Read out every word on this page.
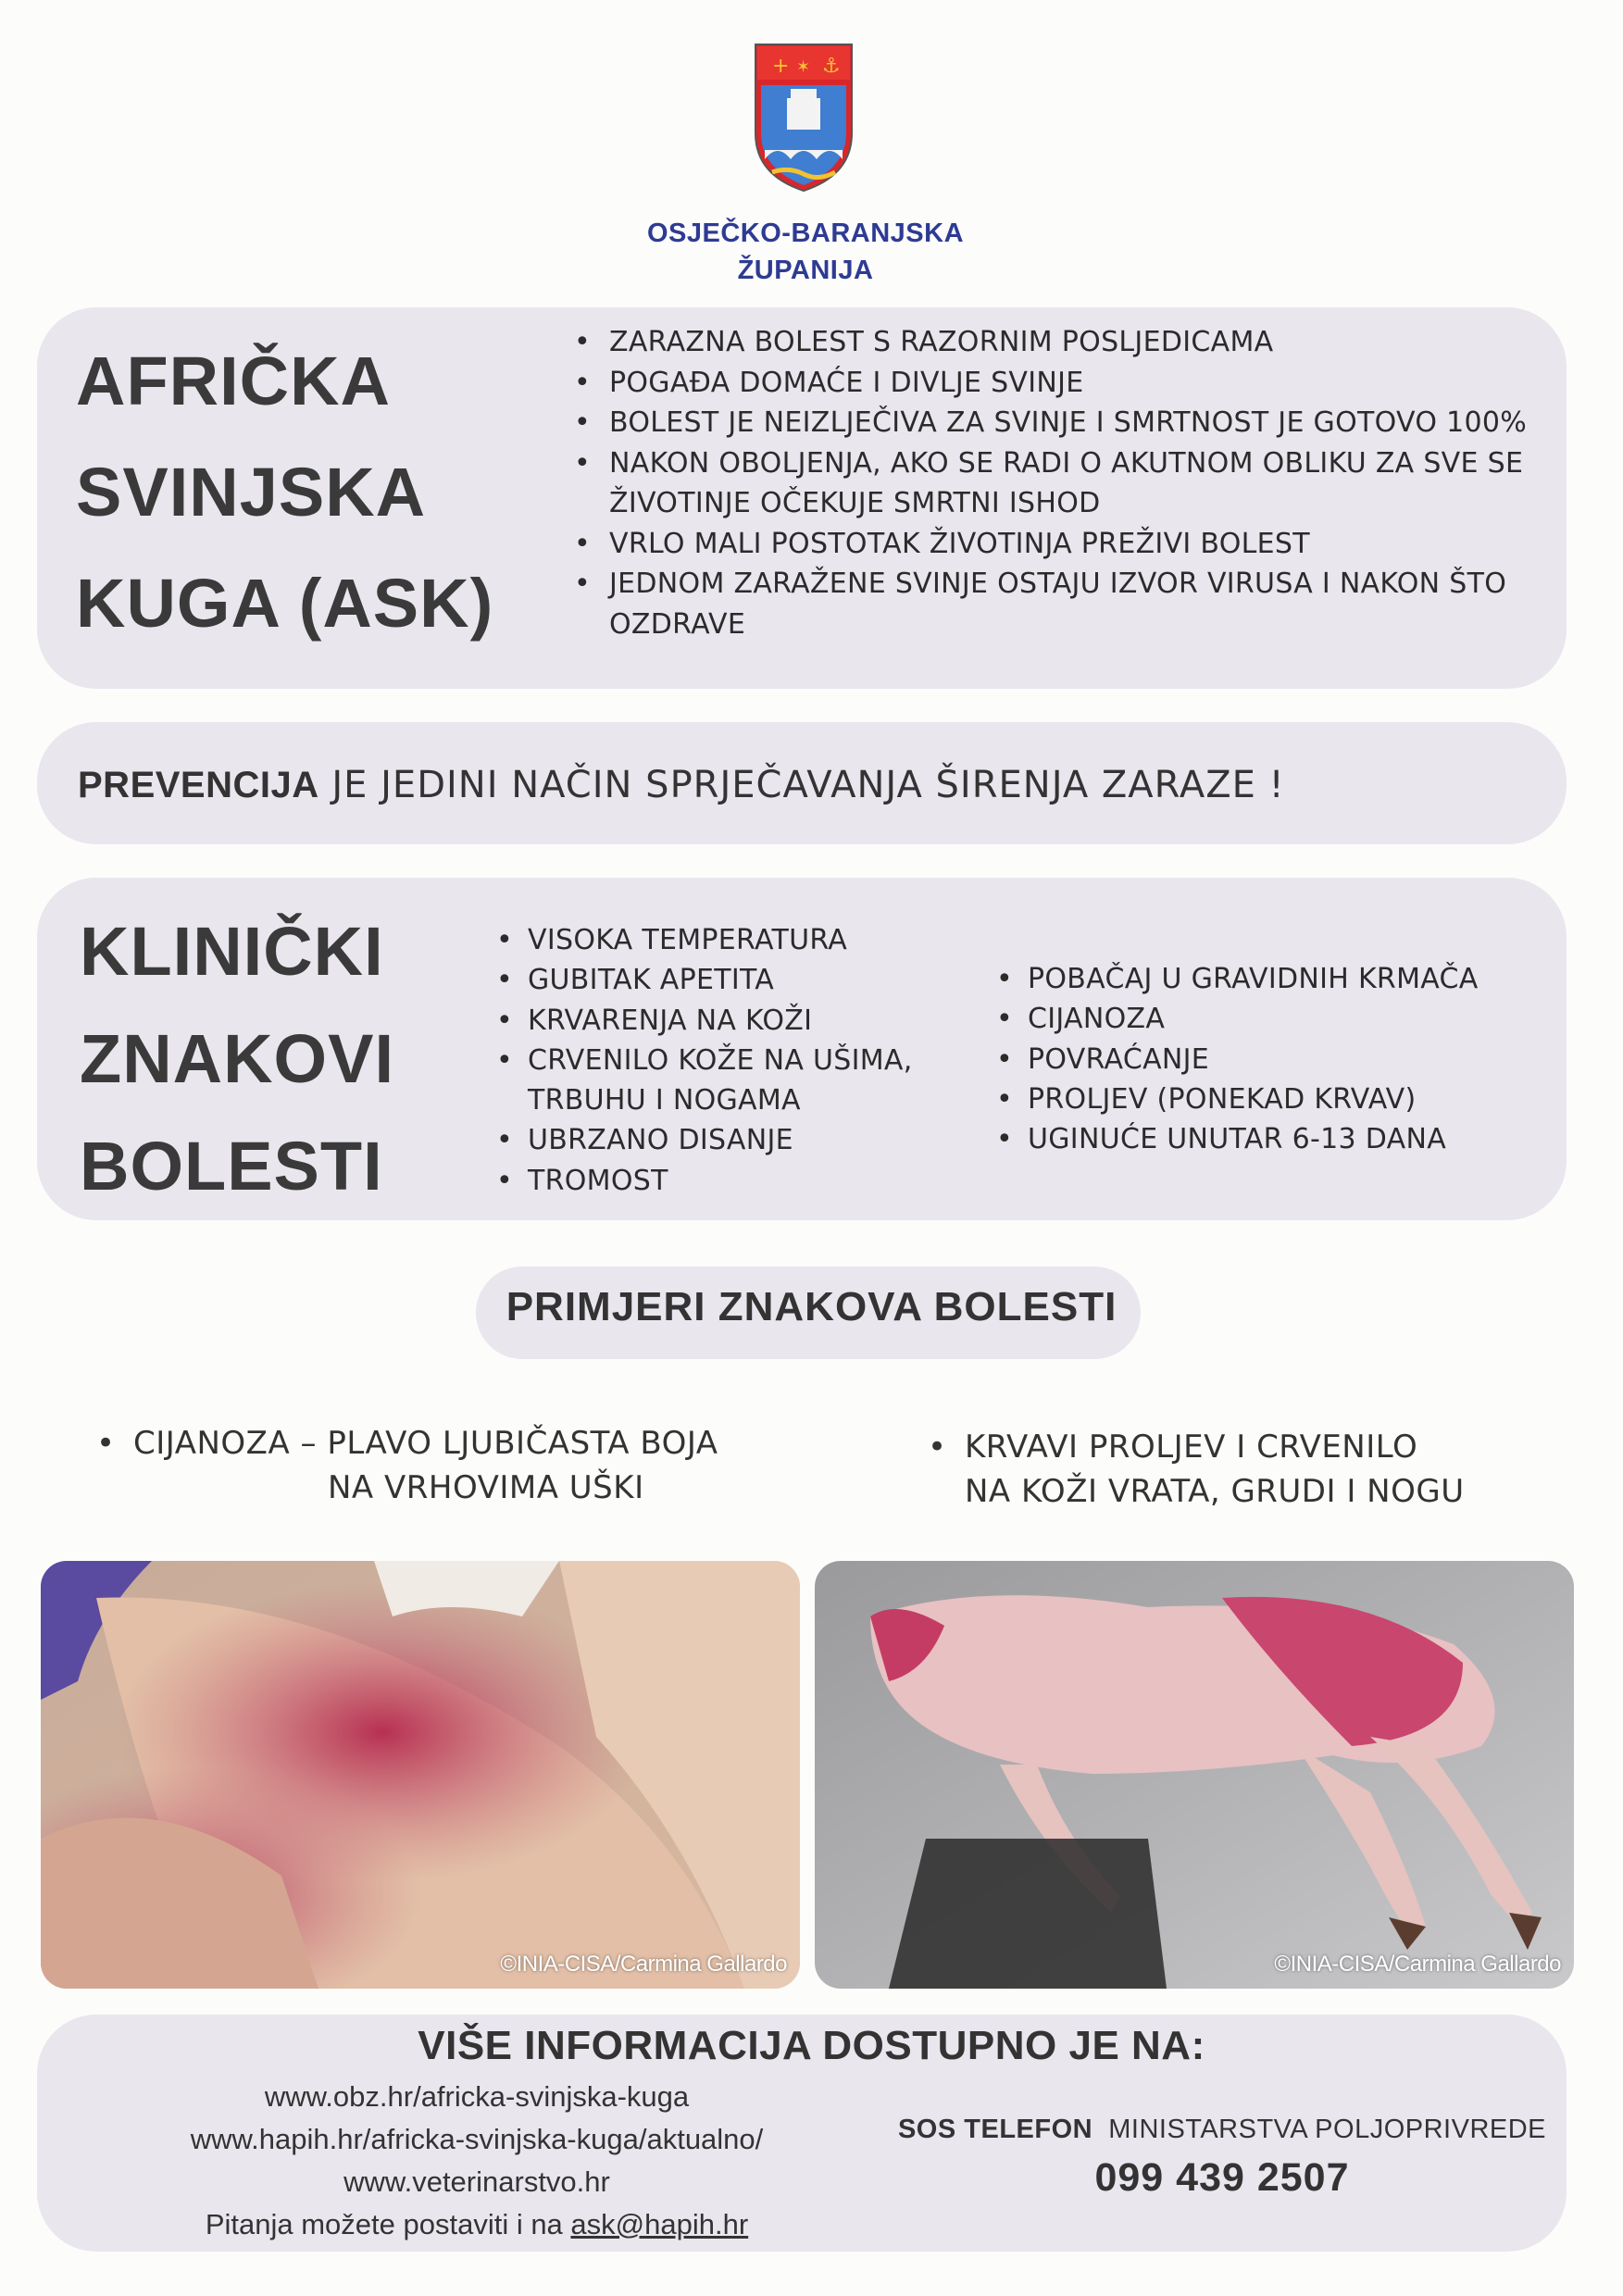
+ ✶ ⚓
OSJEČKO-BARANJSKA
ŽUPANIJA
AFRIČKA
SVINJSKA
KUGA (ASK)
• ZARAZNA BOLEST S RAZORNIM POSLJEDICAMA
• POGAĐA DOMAĆE I DIVLJE SVINJE
• BOLEST JE NEIZLJEČIVA ZA SVINJE I SMRTNOST JE GOTOVO 100%
• NAKON OBOLJENJA, AKO SE RADI O AKUTNOM OBLIKU ZA SVE SE ŽIVOTINJE OČEKUJE SMRTNI ISHOD
• VRLO MALI POSTOTAK ŽIVOTINJA PREŽIVI BOLEST
• JEDNOM ZARAŽENE SVINJE OSTAJU IZVOR VIRUSA I NAKON ŠTO OZDRAVE
PREVENCIJA JE JEDINI NAČIN SPRJEČAVANJA ŠIRENJA ZARAZE !
KLINIČKI
ZNAKOVI
BOLESTI
• VISOKA TEMPERATURA
• GUBITAK APETITA
• KRVARENJA NA KOŽI
• CRVENILO KOŽE NA UŠIMA, TRBUHU I NOGAMA
• UBRZANO DISANJE
• TROMOST
• POBAČAJ U GRAVIDNIH KRMAČA
• CIJANOZA
• POVRAĆANJE
• PROLJEV (PONEKAD KRVAV)
• UGINUĆE UNUTAR 6-13 DANA
PRIMJERI ZNAKOVA BOLESTI
• CIJANOZA – PLAVO LJUBIČASTA BOJA
NA VRHOVIMA UŠKI
• KRVAVI PROLJEV I CRVENILO
NA KOŽI VRATA, GRUDI I NOGU
©INIA-CISA/Carmina Gallardo	©INIA-CISA/Carmina Gallardo
VIŠE INFORMACIJA DOSTUPNO JE NA:
www.obz.hr/africka-svinjska-kuga
www.hapih.hr/africka-svinjska-kuga/aktualno/
www.veterinarstvo.hr
Pitanja možete postaviti i na ask@hapih.hr
SOS TELEFON  MINISTARSTVA POLJOPRIVREDE
099 439 2507
